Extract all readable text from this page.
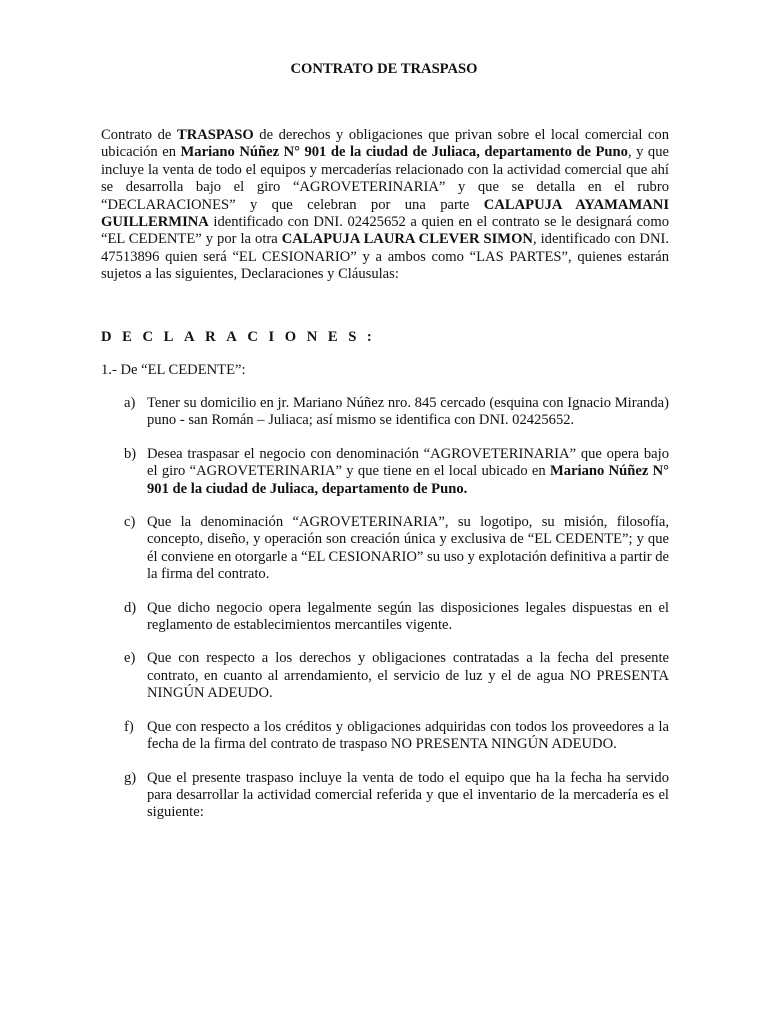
CONTRATO DE TRASPASO

Contrato de TRASPASO de derechos y obligaciones que privan sobre el local comercial con ubicación en Mariano Núñez N° 901 de la ciudad de Juliaca, departamento de Puno, y que incluye la venta de todo el equipos y mercaderías relacionado con la actividad comercial que ahí se desarrolla bajo el giro “AGROVETERINARIA” y que se detalla en el rubro “DECLARACIONES” y que celebran por una parte CALAPUJA AYAMAMANI GUILLERMINA identificado con DNI. 02425652 a quien en el contrato se le designará como “EL CEDENTE” y por la otra CALAPUJA LAURA CLEVER SIMON, identificado con DNI. 47513896 quien será “EL CESIONARIO” y a ambos como “LAS PARTES”, quienes estarán sujetos a las siguientes, Declaraciones y Cláusulas:

DECLARACIONES:

1.- De “EL CEDENTE”:

a) Tener su domicilio en jr. Mariano Núñez nro. 845 cercado (esquina con Ignacio Miranda) puno - san Román – Juliaca; así mismo se identifica con DNI. 02425652.
b) Desea traspasar el negocio con denominación “AGROVETERINARIA” que opera bajo el giro “AGROVETERINARIA” y que tiene en el local ubicado en Mariano Núñez N° 901 de la ciudad de Juliaca, departamento de Puno.
c) Que la denominación “AGROVETERINARIA”, su logotipo, su misión, filosofía, concepto, diseño, y operación son creación única y exclusiva de “EL CEDENTE”; y que él conviene en otorgarle a “EL CESIONARIO” su uso y explotación definitiva a partir de la firma del contrato.
d) Que dicho negocio opera legalmente según las disposiciones legales dispuestas en el reglamento de establecimientos mercantiles vigente.
e) Que con respecto a los derechos y obligaciones contratadas a la fecha del presente contrato, en cuanto al arrendamiento, el servicio de luz y el de agua NO PRESENTA NINGÚN ADEUDO.
f) Que con respecto a los créditos y obligaciones adquiridas con todos los proveedores a la fecha de la firma del contrato de traspaso NO PRESENTA NINGÚN ADEUDO.
g) Que el presente traspaso incluye la venta de todo el equipo que ha la fecha ha servido para desarrollar la actividad comercial referida y que el inventario de la mercadería es el siguiente:
